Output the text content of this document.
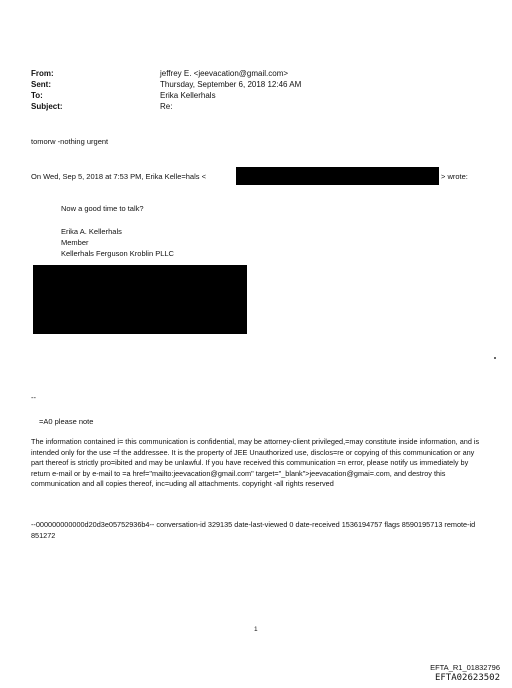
From:	jeffrey E. <jeevacation@gmail.com>
Sent:	Thursday, September 6, 2018 12:46 AM
To:	Erika Kellerhals
Subject:	Re:
tomorw -nothing urgent
On Wed, Sep 5, 2018 at 7:53 PM, Erika Kelle=hals <	> wrote:
Now a good time to talk?
Erika A. Kellerhals
Member
Kellerhals Ferguson Kroblin PLLC
--
=A0 please note
The information contained i= this communication is confidential, may be attorney-client privileged,=may constitute inside information, and is intended only for the use =f the addressee. It is the property of JEE Unauthorized use, disclos=re or copying of this communication or any part thereof is strictly pro=ibited and may be unlawful. If you have received this communication =n error, please notify us immediately by return e-mail or by e-mail to =a href="mailto:jeevacation@gmail.com" target="_blank">jeevacation@gmai=.com, and destroy this communication and all copies thereof, inc=uding all attachments. copyright -all rights reserved
--000000000000d20d3e05752936b4-- conversation-id 329135 date-last-viewed 0 date-received 1536194757 flags 8590195713 remote-id 851272
1
EFTA_R1_01832796
EFTA02623502
